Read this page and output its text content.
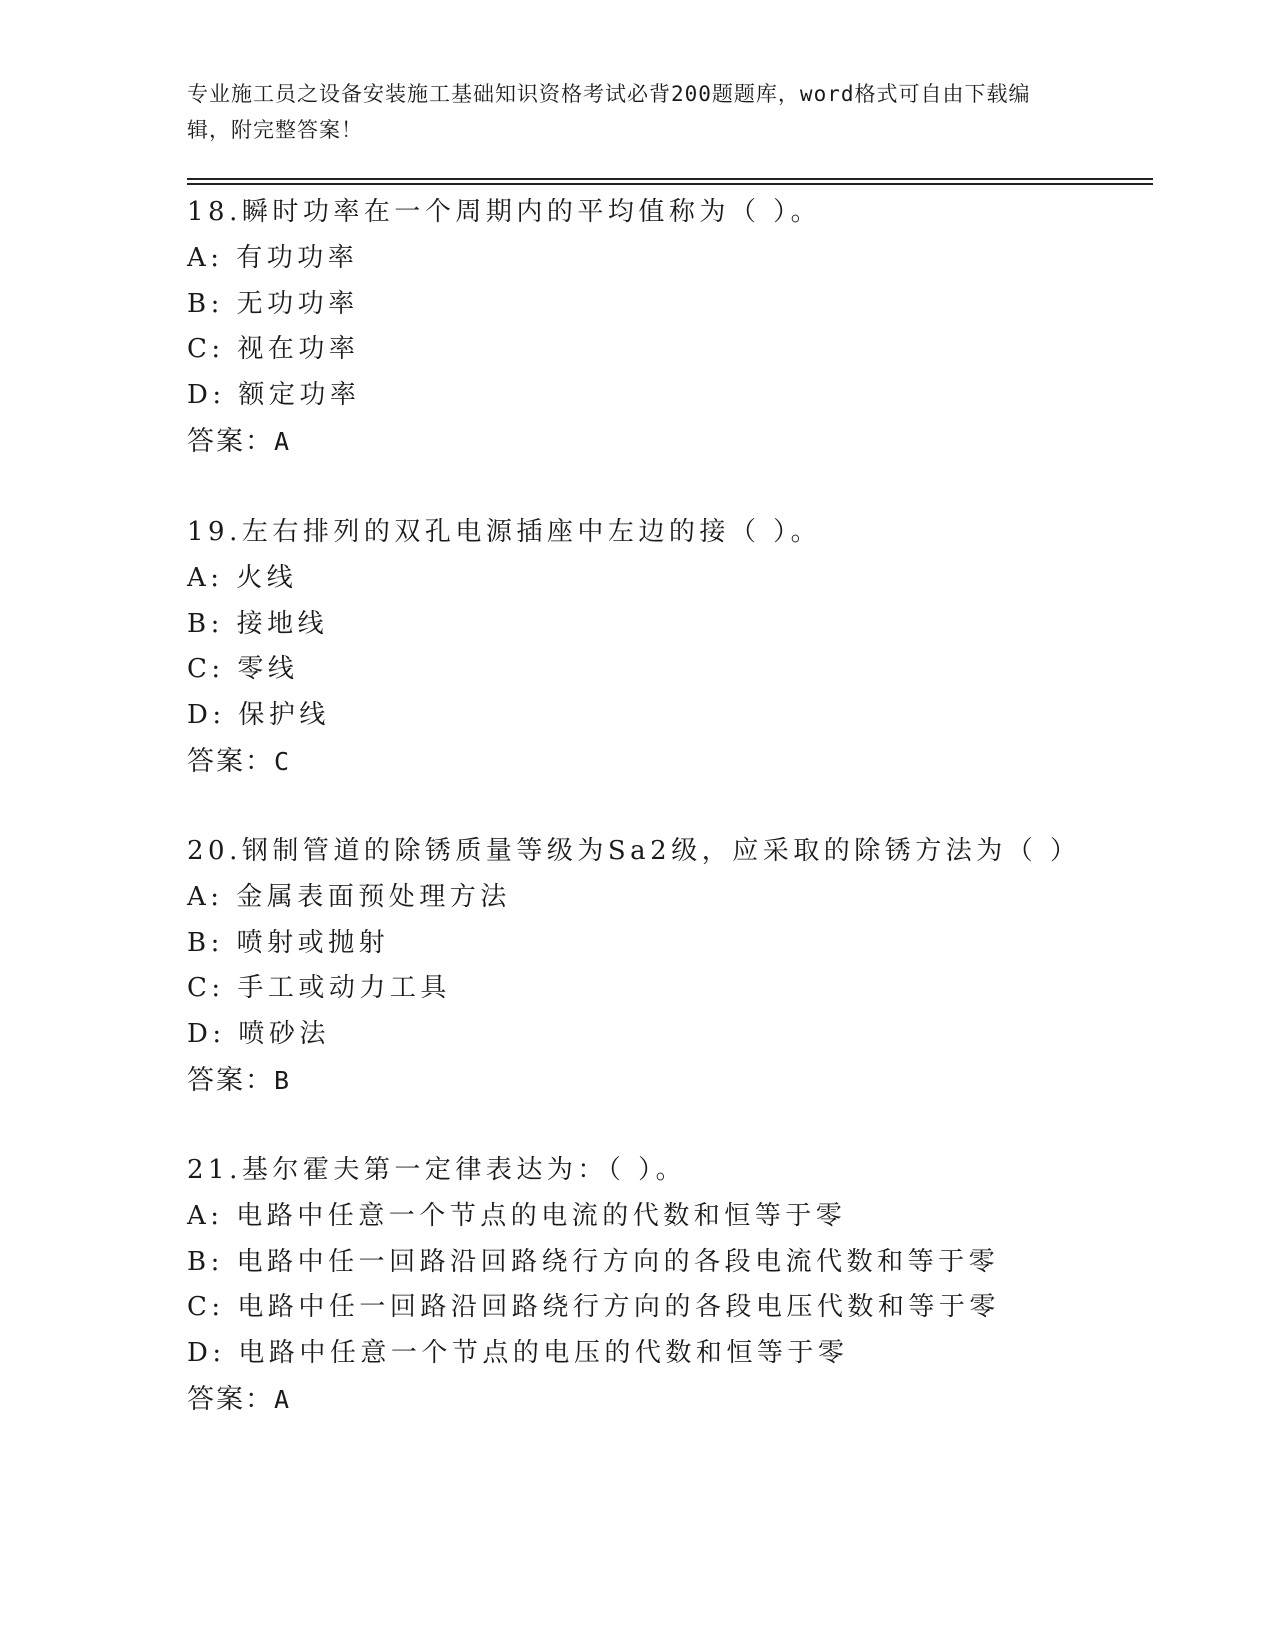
专业施工员之设备安装施工基础知识资格考试必背200题题库，word格式可自由下载编辑，附完整答案！
18.瞬时功率在一个周期内的平均值称为（ ）。
A: 有功功率
B: 无功功率
C: 视在功率
D: 额定功率
答案：A
19.左右排列的双孔电源插座中左边的接（ ）。
A: 火线
B: 接地线
C: 零线
D: 保护线
答案：C
20.钢制管道的除锈质量等级为Sa2级，应采取的除锈方法为（ ）
A: 金属表面预处理方法
B: 喷射或抛射
C: 手工或动力工具
D: 喷砂法
答案：B
21.基尔霍夫第一定律表达为：（ ）。
A: 电路中任意一个节点的电流的代数和恒等于零
B: 电路中任一回路沿回路绕行方向的各段电流代数和等于零
C: 电路中任一回路沿回路绕行方向的各段电压代数和等于零
D: 电路中任意一个节点的电压的代数和恒等于零
答案：A
